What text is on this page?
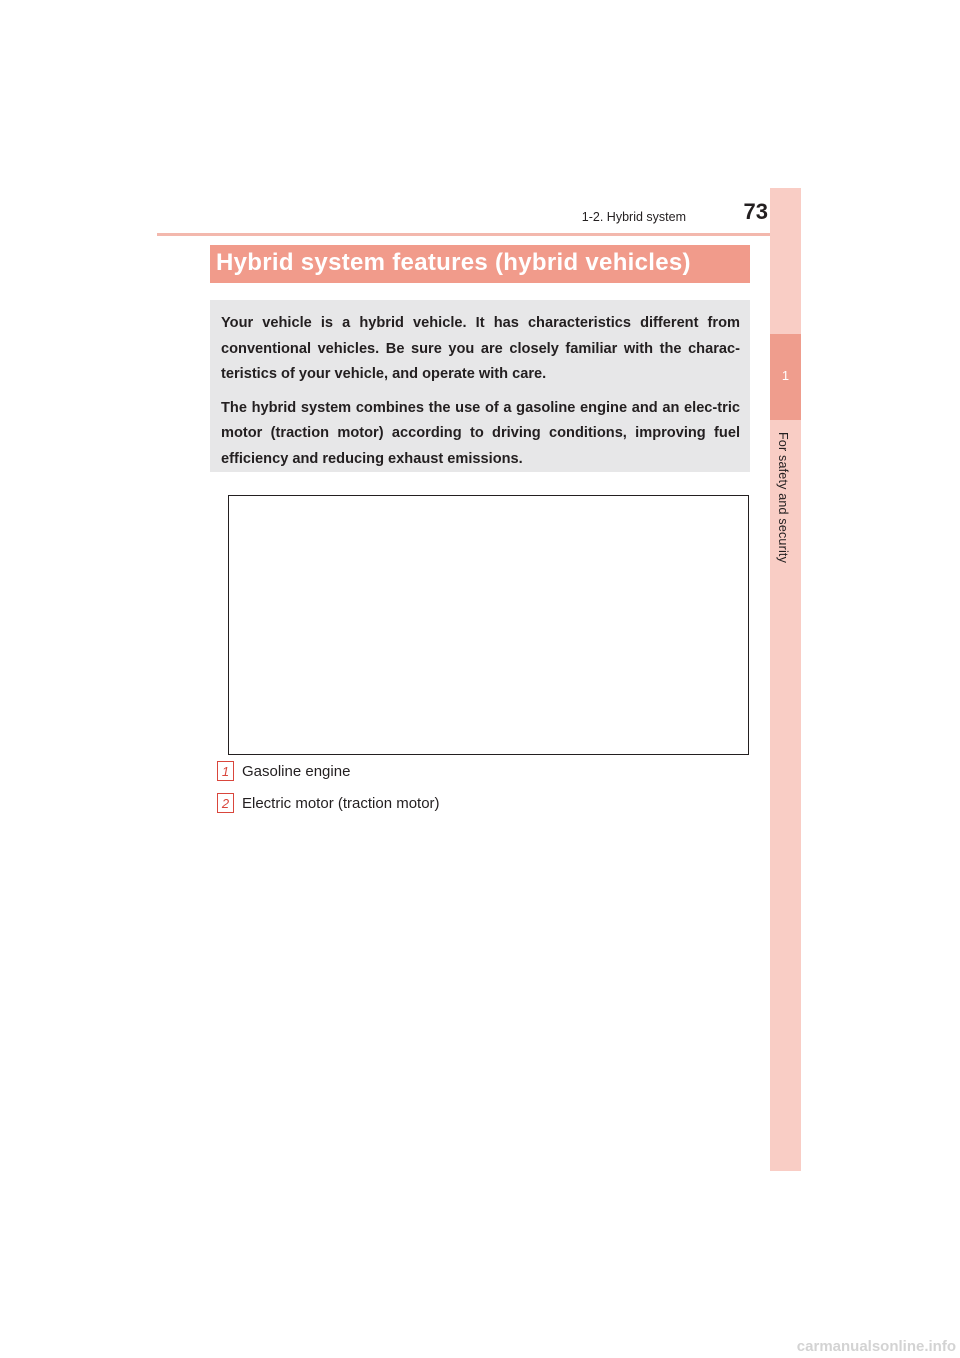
1-2. Hybrid system	73
1
For safety and security
Hybrid system features (hybrid vehicles)

Your vehicle is a hybrid vehicle. It has characteristics different from conventional vehicles. Be sure you are closely familiar with the charac-teristics of your vehicle, and operate with care.

The hybrid system combines the use of a gasoline engine and an elec-tric motor (traction motor) according to driving conditions, improving fuel efficiency and reducing exhaust emissions.

1 Gasoline engine
2 Electric motor (traction motor)
carmanualsonline.info
